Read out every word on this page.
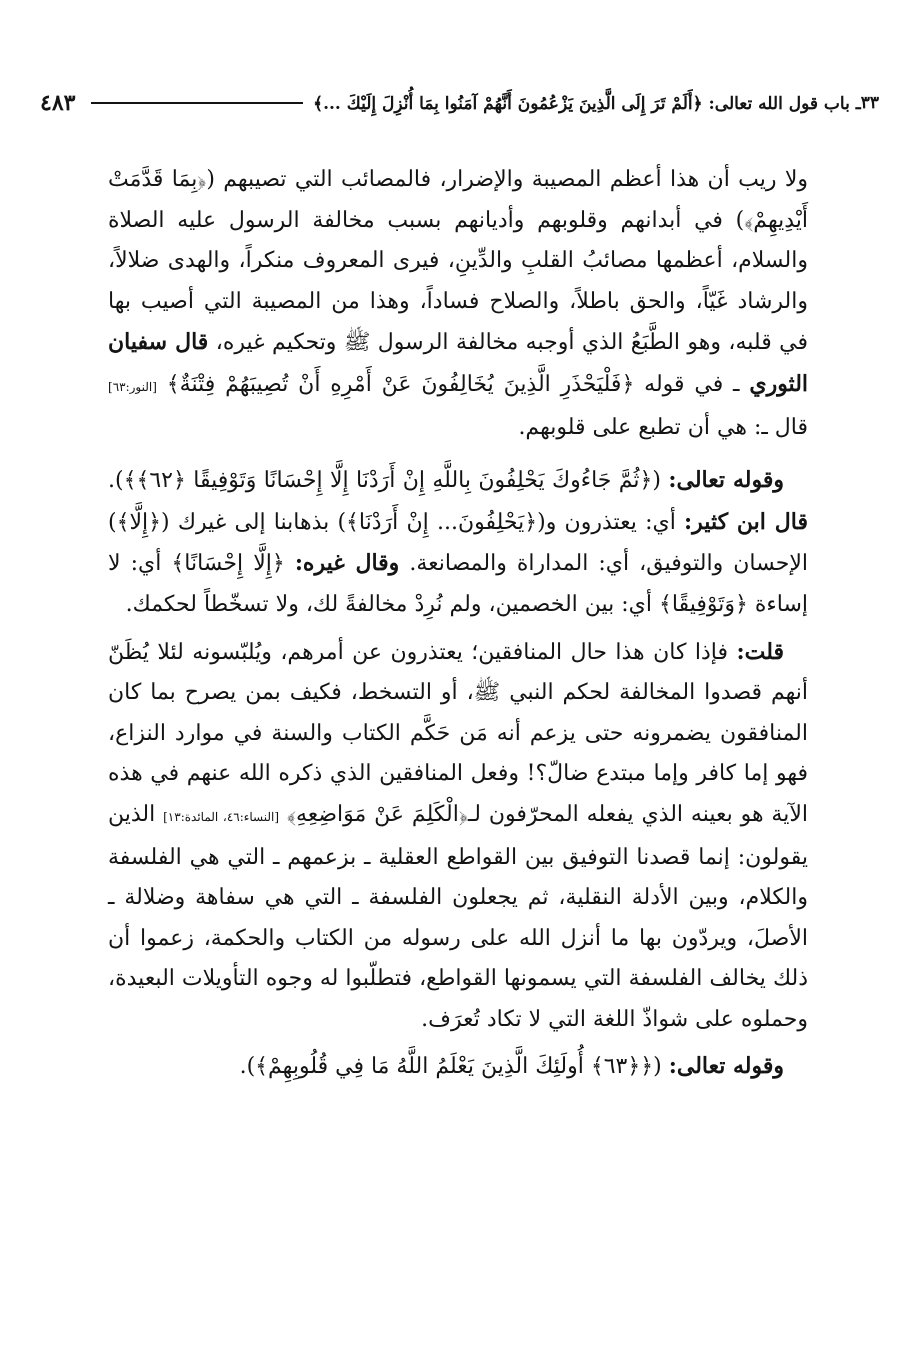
٣٣
ـ باب قول الله تعالى: ﴿أَلَمْ تَرَ إِلَى الَّذِينَ يَزْعُمُونَ أَنَّهُمْ آمَنُوا بِمَا أُنْزِلَ إِلَيْكَ ...﴾
٤٨٣

ولا ريب أن هذا أعظم المصيبة والإضرار، فالمصائب التي تصيبهم (﴿بِمَا قَدَّمَتْ أَيْدِيهِمْ﴾) في أبدانهم وقلوبهم وأديانهم بسبب مخالفة الرسول عليه الصلاة والسلام، أعظمها مصائبُ القلبِ والدِّينِ، فيرى المعروف منكراً، والهدى ضلالاً، والرشاد غَيّاً، والحق باطلاً، والصلاح فساداً، وهذا من المصيبة التي أصيب بها في قلبه، وهو الطَّبَعُ الذي أوجبه مخالفة الرسول ﷺ وتحكيم غيره، قال سفيان الثوري ـ في قوله ﴿فَلْيَحْذَرِ الَّذِينَ يُخَالِفُونَ عَنْ أَمْرِهِ أَنْ تُصِيبَهُمْ فِتْنَةٌ﴾ [النور:٦٣] قال ـ: هي أن تطبع على قلوبهم.

وقوله تعالى: (﴿ثُمَّ جَاءُوكَ يَحْلِفُونَ بِاللَّهِ إِنْ أَرَدْنَا إِلَّا إِحْسَانًا وَتَوْفِيقًا ﴿٦٢﴾﴾). قال ابن كثير: أي: يعتذرون و(﴿يَحْلِفُونَ... إِنْ أَرَدْنَا﴾) بذهابنا إلى غيرك (﴿إِلَّا﴾) الإحسان والتوفيق، أي: المداراة والمصانعة. وقال غيره: ﴿إِلَّا إِحْسَانًا﴾ أي: لا إساءة ﴿وَتَوْفِيقًا﴾ أي: بين الخصمين، ولم نُرِدْ مخالفةً لك، ولا تسخّطاً لحكمك.

قلت: فإذا كان هذا حال المنافقين؛ يعتذرون عن أمرهم، ويُلبّسونه لئلا يُظَنّ أنهم قصدوا المخالفة لحكم النبي ﷺ، أو التسخط، فكيف بمن يصرح بما كان المنافقون يضمرونه حتى يزعم أنه مَن حَكَّم الكتاب والسنة في موارد النزاع، فهو إما كافر وإما مبتدع ضالّ؟! وفعل المنافقين الذي ذكره الله عنهم في هذه الآية هو بعينه الذي يفعله المحرّفون لـ﴿الْكَلِمَ عَنْ مَوَاضِعِهِ﴾ [النساء:٤٦، المائدة:١٣] الذين يقولون: إنما قصدنا التوفيق بين القواطع العقلية ـ بزعمهم ـ التي هي الفلسفة والكلام، وبين الأدلة النقلية، ثم يجعلون الفلسفة ـ التي هي سفاهة وضلالة ـ الأصلَ، ويردّون بها ما أنزل الله على رسوله من الكتاب والحكمة، زعموا أن ذلك يخالف الفلسفة التي يسمونها القواطع، فتطلّبوا له وجوه التأويلات البعيدة، وحملوه على شواذّ اللغة التي لا تكاد تُعرَف.

وقوله تعالى: (﴿﴿٦٣﴾ أُولَئِكَ الَّذِينَ يَعْلَمُ اللَّهُ مَا فِي قُلُوبِهِمْ﴾).
